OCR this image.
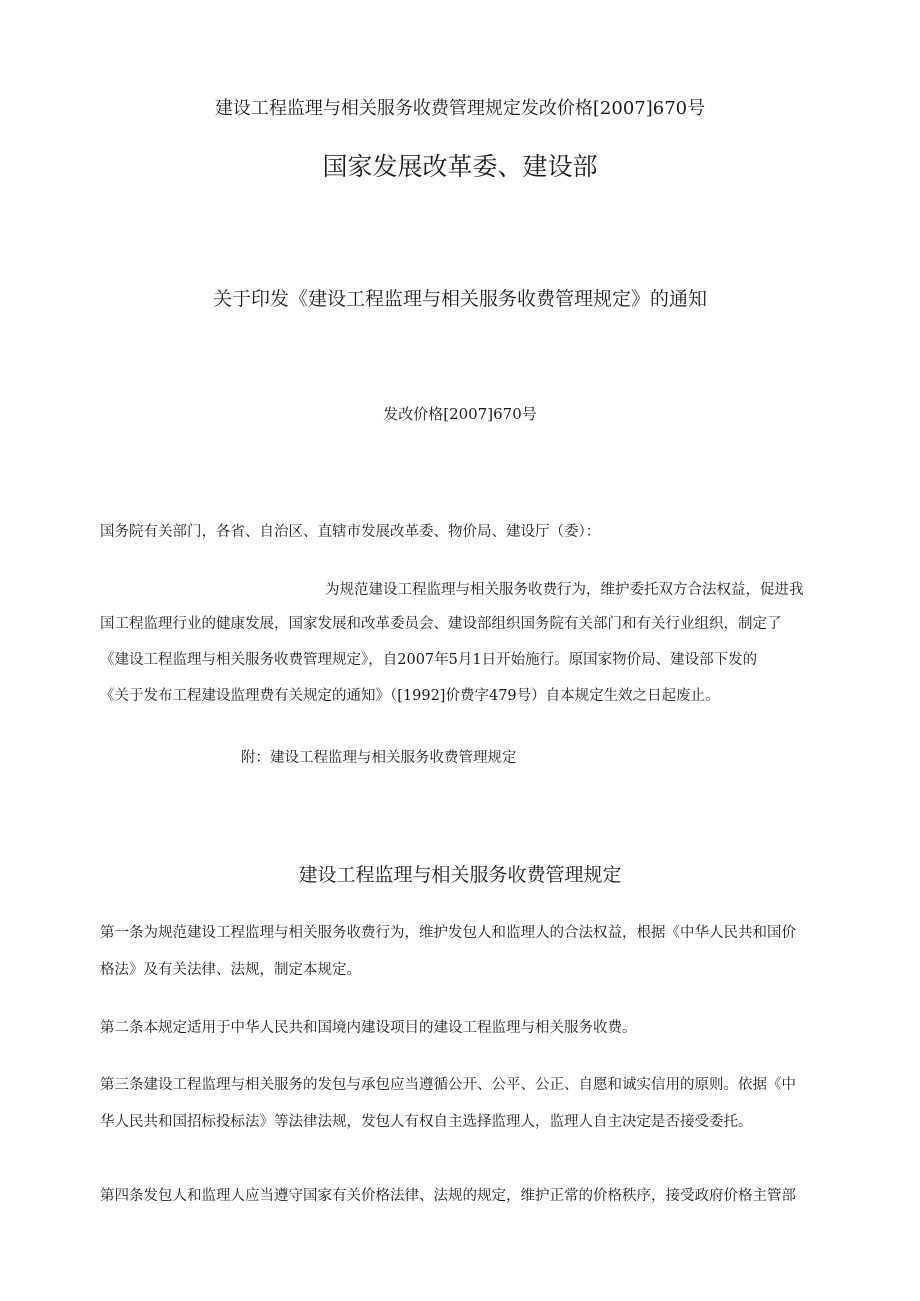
建设工程监理与相关服务收费管理规定发改价格[2007]670号
国家发展改革委、建设部
关于印发《建设工程监理与相关服务收费管理规定》的通知
发改价格[2007]670号
国务院有关部门，各省、自治区、直辖市发展改革委、物价局、建设厅（委）：
为规范建设工程监理与相关服务收费行为，维护委托双方合法权益，促进我
国工程监理行业的健康发展，国家发展和改革委员会、建设部组织国务院有关部门和有关行业组织，制定了
《建设工程监理与相关服务收费管理规定》，自2007年5月1日开始施行。原国家物价局、建设部下发的
《关于发布工程建设监理费有关规定的通知》（[1992]价费字479号）自本规定生效之日起废止。
附：建设工程监理与相关服务收费管理规定
建设工程监理与相关服务收费管理规定
第一条为规范建设工程监理与相关服务收费行为，维护发包人和监理人的合法权益，根据《中华人民共和国价
格法》及有关法律、法规，制定本规定。
第二条本规定适用于中华人民共和国境内建设项目的建设工程监理与相关服务收费。
第三条建设工程监理与相关服务的发包与承包应当遵循公开、公平、公正、自愿和诚实信用的原则。依据《中
华人民共和国招标投标法》等法律法规，发包人有权自主选择监理人，监理人自主决定是否接受委托。
第四条发包人和监理人应当遵守国家有关价格法律、法规的规定，维护正常的价格秩序，接受政府价格主管部
